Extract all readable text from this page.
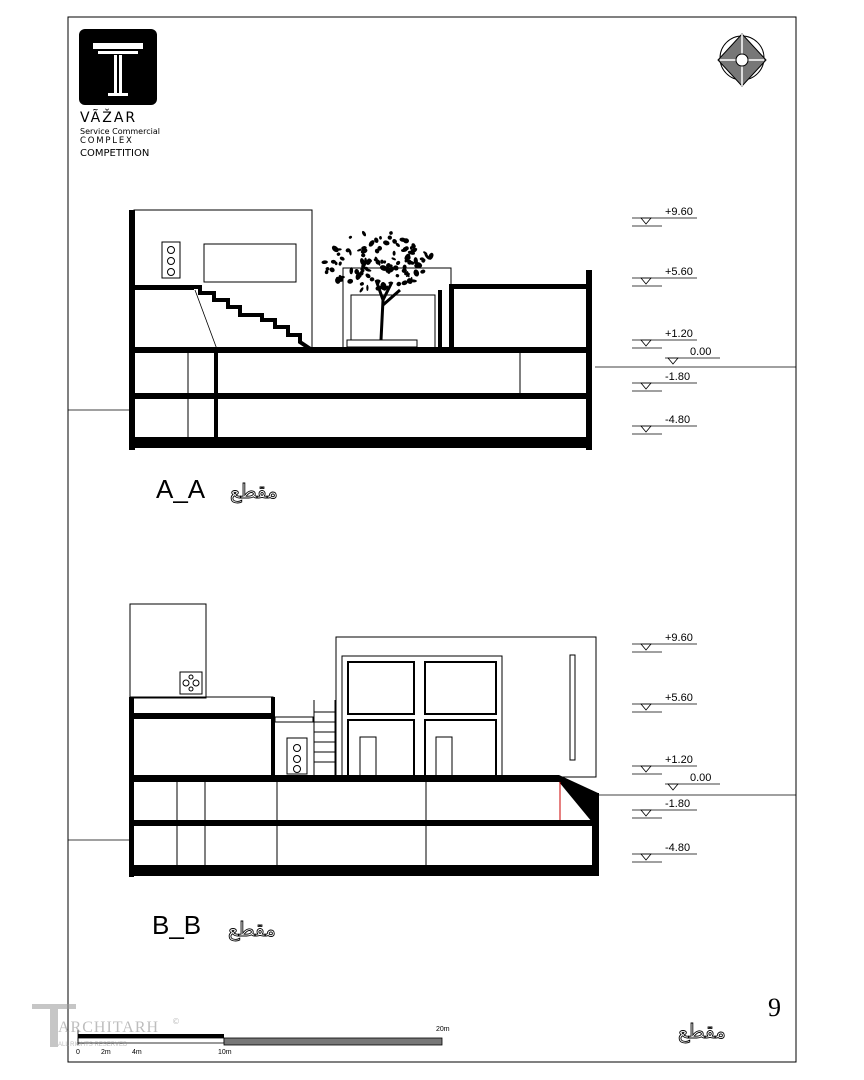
VÃŽAR
Service Commercial
COMPLEX
COMPETITION
+9.60
+5.60
+1.20
0.00
-1.80
-4.80
+9.60
+5.60
+1.20
0.00
-1.80
-4.80
A_A مقطع
B_B مقطع
0	2m	4m	10m
20m
ARCHITARH
ALL RIGHTS RESERVED
©	9
مقطع
